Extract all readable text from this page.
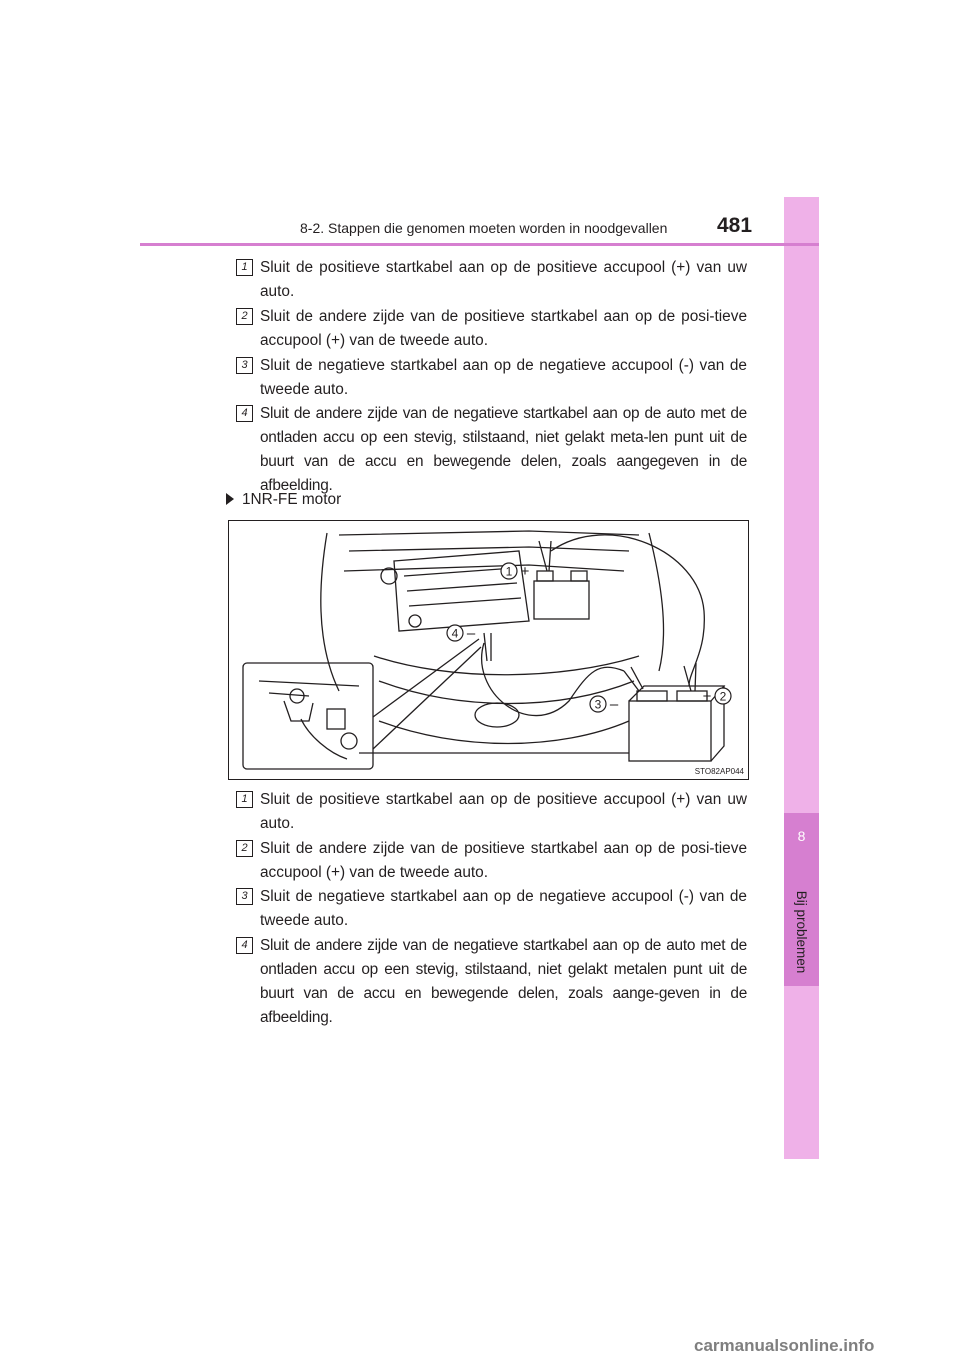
8
Bij problemen
8-2. Stappen die genomen moeten worden in noodgevallen 481
1 Sluit de positieve startkabel aan op de positieve accupool (+) van uw auto.
2 Sluit de andere zijde van de positieve startkabel aan op de posi-tieve accupool (+) van de tweede auto.
3 Sluit de negatieve startkabel aan op de negatieve accupool (-) van de tweede auto.
4 Sluit de andere zijde van de negatieve startkabel aan op de auto met de ontladen accu op een stevig, stilstaand, niet gelakt meta-len punt uit de buurt van de accu en bewegende delen, zoals aangegeven in de afbeelding.
1NR-FE motor
1 +
4 –
3 –	+ 2
STO82AP044
1 Sluit de positieve startkabel aan op de positieve accupool (+) van uw auto.
2 Sluit de andere zijde van de positieve startkabel aan op de posi-tieve accupool (+) van de tweede auto.
3 Sluit de negatieve startkabel aan op de negatieve accupool (-) van de tweede auto.
4 Sluit de andere zijde van de negatieve startkabel aan op de auto met de ontladen accu op een stevig, stilstaand, niet gelakt metalen punt uit de buurt van de accu en bewegende delen, zoals aange-geven in de afbeelding.
carmanualsonline.info
